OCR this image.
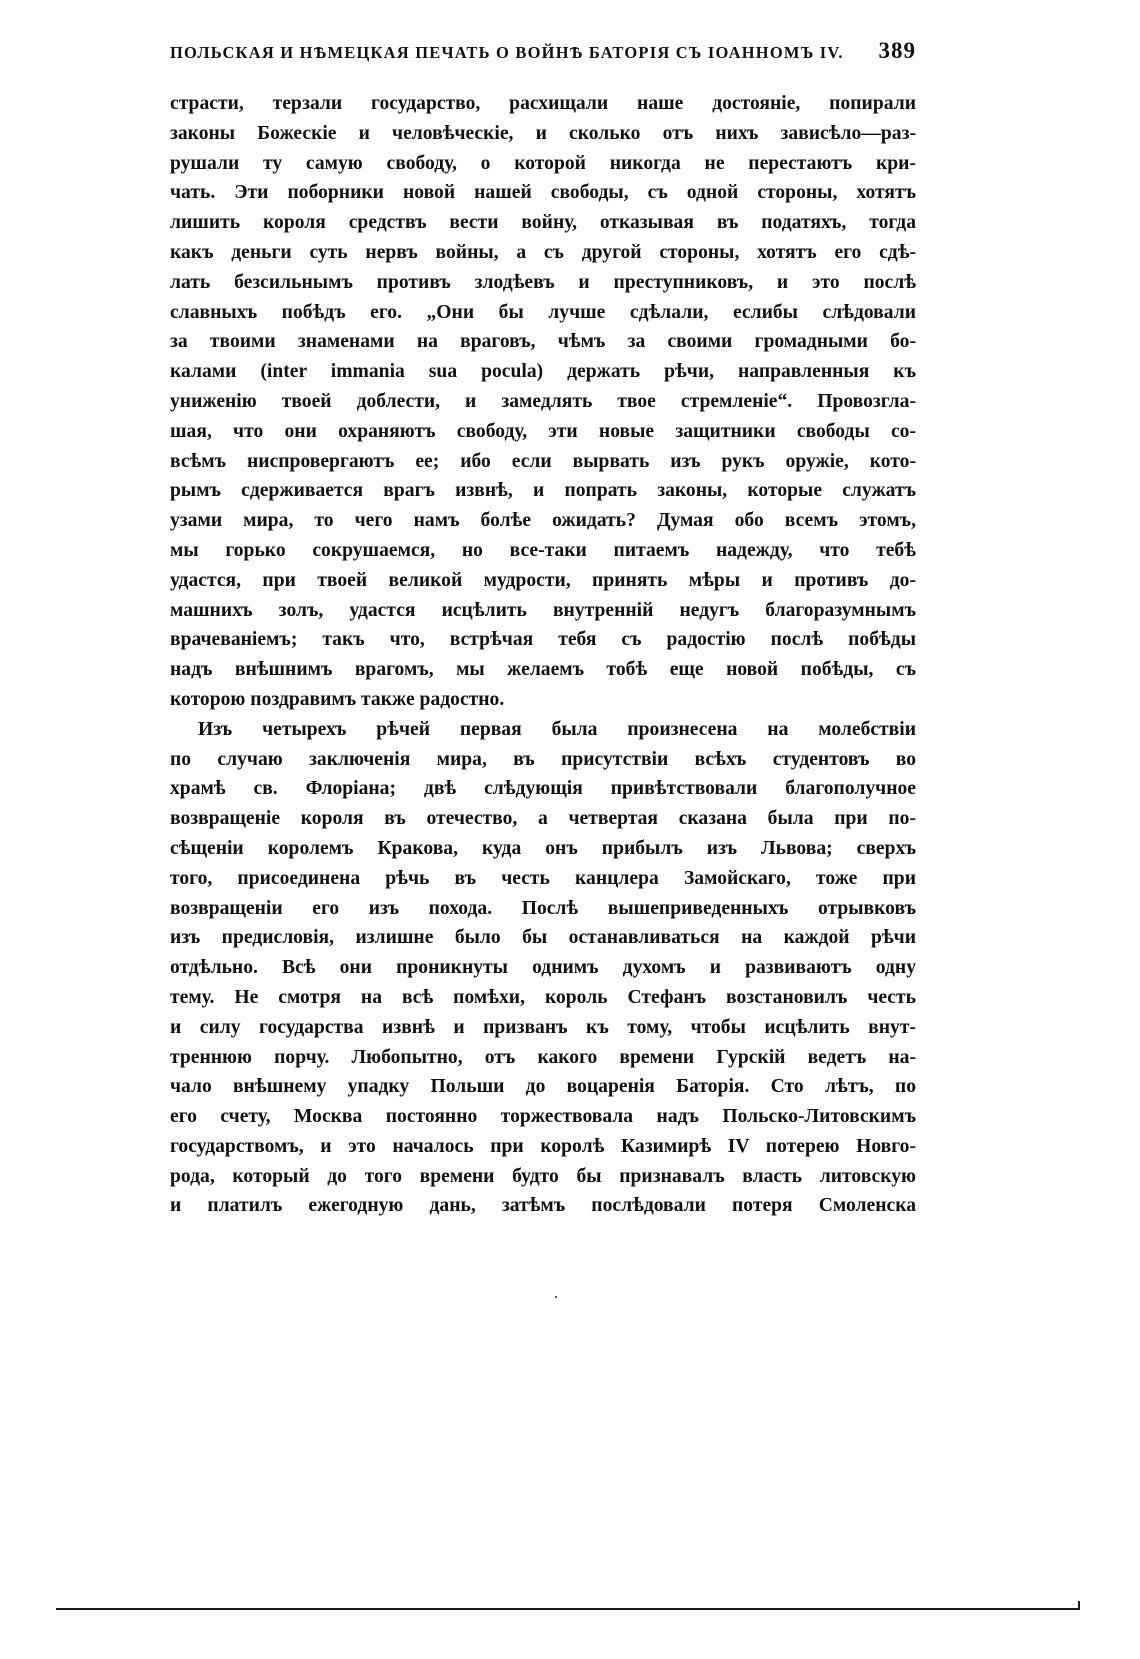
ПОЛЬСКАЯ И НѢМЕЦКАЯ ПЕЧАТЬ О ВОЙНѢ БАТОРІЯ СЪ ІОАННОМЪ IV. 389
страсти, терзали государство, расхищали наше достояніе, попирали
законы Божескіе и человѣческіе, и сколько отъ нихъ зависѣло—раз-
рушали ту самую свободу, о которой никогда не перестаютъ кри-
чать. Эти поборники новой нашей свободы, съ одной стороны, хотятъ
лишить короля средствъ вести войну, отказывая въ податяхъ, тогда
какъ деньги суть нервъ войны, а съ другой стороны, хотятъ его сдѣ-
лать безсильнымъ противъ злодѣевъ и преступниковъ, и это послѣ
славныхъ побѣдъ его. „Они бы лучше сдѣлали, еслибы слѣдовали
за твоими знаменами на враговъ, чѣмъ за своими громадными бо-
калами (inter immania sua pocula) держать рѣчи, направленныя къ
униженію твоей доблести, и замедлять твое стремленіе“. Провозгла-
шая, что они охраняютъ свободу, эти новые защитники свободы со-
всѣмъ ниспровергаютъ ее; ибо если вырвать изъ рукъ оружіе, кото-
рымъ сдерживается врагъ извнѣ, и попрать законы, которые служатъ
узами мира, то чего намъ болѣе ожидать? Думая обо всемъ этомъ,
мы горько сокрушаемся, но все-таки питаемъ надежду, что тебѣ
удастся, при твоей великой мудрости, принять мѣры и противъ до-
машнихъ золъ, удастся исцѣлить внутренній недугъ благоразумнымъ
врачеваніемъ; такъ что, встрѣчая тебя съ радостію послѣ побѣды
надъ внѣшнимъ врагомъ, мы желаемъ тобѣ еще новой побѣды, съ
которою поздравимъ также радостно.
Изъ четырехъ рѣчей первая была произнесена на молебствіи
по случаю заключенія мира, въ присутствіи всѣхъ студентовъ во
храмѣ св. Флоріана; двѣ слѣдующія привѣтствовали благополучное
возвращеніе короля въ отечество, а четвертая сказана была при по-
сѣщеніи королемъ Кракова, куда онъ прибылъ изъ Львова; сверхъ
того, присоединена рѣчь въ честь канцлера Замойскаго, тоже при
возвращеніи его изъ похода. Послѣ вышеприведенныхъ отрывковъ
изъ предисловія, излишне было бы останавливаться на каждой рѣчи
отдѣльно. Всѣ они проникнуты однимъ духомъ и развиваютъ одну
тему. Не смотря на всѣ помѣхи, король Стефанъ возстановилъ честь
и силу государства извнѣ и призванъ къ тому, чтобы исцѣлить внут-
треннюю порчу. Любопытно, отъ какого времени Гурскій ведетъ на-
чало внѣшнему упадку Польши до воцаренія Баторія. Сто лѣтъ, по
его счету, Москва постоянно торжествовала надъ Польско-Литовскимъ
государствомъ, и это началось при королѣ Казимирѣ IV потерею Новго-
рода, который до того времени будто бы признавалъ власть литовскую
и платилъ ежегодную дань, затѣмъ послѣдовали потеря Смоленска
